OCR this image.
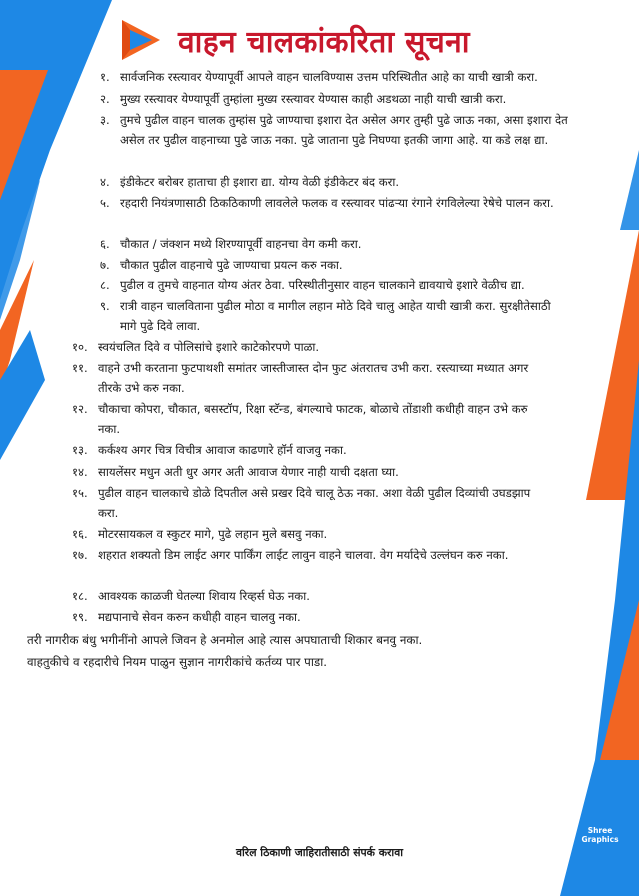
वाहन चालकांकरिता सूचना
१. सार्वजनिक रस्त्यावर येण्यापूर्वी आपले वाहन चालविण्यास उत्तम परिस्थितीत आहे का याची खात्री करा.
२. मुख्य रस्त्यावर येण्यापूर्वी तुम्हांला मुख्य रस्त्यावर येण्यास काही अडथळा नाही याची खात्री करा.
३. तुमचे पुढील वाहन चालक तुम्हांस पुढे जाण्याचा इशारा देत असेल अगर तुम्ही पुढे जाऊ नका, असा इशारा देत असेल तर पुढील वाहनाच्या पुढे जाऊ नका. पुढे जाताना पुढे निघण्या इतकी जागा आहे. या कडे लक्ष द्या.
४. इंडीकेटर बरोबर हाताचा ही इशारा द्या. योग्य वेळी इंडीकेटर बंद करा.
५. रहदारी नियंत्रणासाठी ठिकठिकाणी लावलेले फलक व रस्त्यावर पांढऱ्या रंगाने रंगविलेल्या रेषेचे पालन करा.
६. चौकात / जंक्शन मध्ये शिरण्यापूर्वी वाहनचा वेग कमी करा.
७. चौकात पुढील वाहनाचे पुढे जाण्याचा प्रयत्न करु नका.
८. पुढील व तुमचे वाहनात योग्य अंतर ठेवा. परिस्थीतीनुसार वाहन चालकाने द्यावयाचे इशारे वेळीच द्या.
९. रात्री वाहन चालविताना पुढील मोठा व मागील लहान मोठे दिवे चालु आहेत याची खात्री करा. सुरक्षीतेसाठी मागे पुढे दिवे लावा.
१०. स्वयंचलित दिवे व पोलिसांचे इशारे काटेकोरपणे पाळा.
११. वाहने उभी करताना फुटपाथशी समांतर जास्तीजास्त दोन फुट अंतरातच उभी करा. रस्त्याच्या मध्यात अगर तीरके उभे करु नका.
१२. चौकाचा कोपरा, चौकात, बसस्टॉप, रिक्षा स्टॅन्ड, बंगल्याचे फाटक, बोळाचे तोंडाशी कधीही वाहन उभे करु नका.
१३. कर्कश्य अगर चित्र विचीत्र आवाज काढणारे हॉर्न वाजवु नका.
१४. सायलेंसर मधुन अती धुर अगर अती आवाज येणार नाही याची दक्षता घ्या.
१५. पुढील वाहन चालकाचे डोळे दिपतील असे प्रखर दिवे चालू ठेऊ नका. अशा वेळी पुढील दिव्यांची उघडझाप करा.
१६. मोटरसायकल व स्कुटर मागे, पुढे लहान मुले बसवु नका.
१७. शहरात शक्यतो डिम लाईट अगर पार्किंग लाईट लावुन वाहने चालवा. वेग मर्यादेचे उल्लंघन करु नका.
१८. आवश्यक काळजी घेतल्या शिवाय रिव्हर्स घेऊ नका.
१९. मद्यपानाचे सेवन करुन कधीही वाहन चालवु नका.
तरी नागरीक बंधु भगीनींनो आपले जिवन हे अनमोल आहे त्यास अपघाताची शिकार बनवु नका.
वाहतुकीचे व रहदारीचे नियम पाळुन सुज्ञान नागरीकांचे कर्तव्य पार पाडा.
वरिल ठिकाणी जाहिरातीसाठी संपर्क करावा
Shree
Graphics
